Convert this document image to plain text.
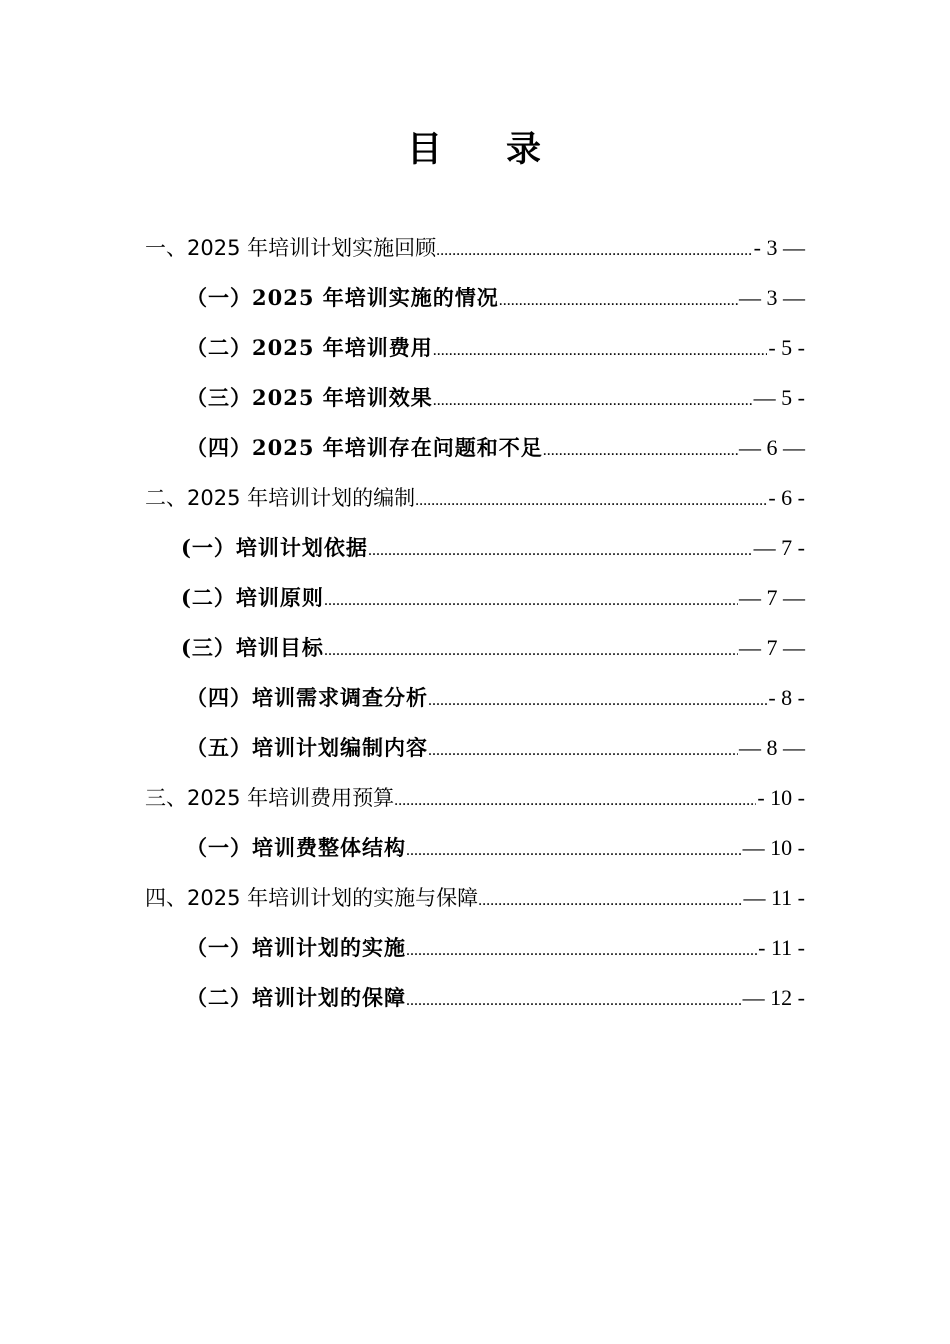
目 录
一、2025 年培训计划实施回顾 .....	- 3 —
（一）2025 年培训实施的情况 .....	— 3 —
（二）2025 年培训费用 .....	- 5 -
（三）2025 年培训效果 .....	— 5 -
（四）2025 年培训存在问题和不足 .....	— 6 —
二、2025 年培训计划的编制 .....	- 6 -
(一）培训计划依据 .....	— 7 -
(二）培训原则 .....	— 7 —
(三）培训目标 .....	— 7 —
（四）培训需求调查分析 .....	- 8 -
（五）培训计划编制内容 .....	— 8 —
三、2025 年培训费用预算 .....	- 10 -
（一）培训费整体结构 .....	— 10 -
四、2025 年培训计划的实施与保障 .....	— 11 -
（一）培训计划的实施 .....	- 11 -
（二）培训计划的保障 .....	— 12 -
